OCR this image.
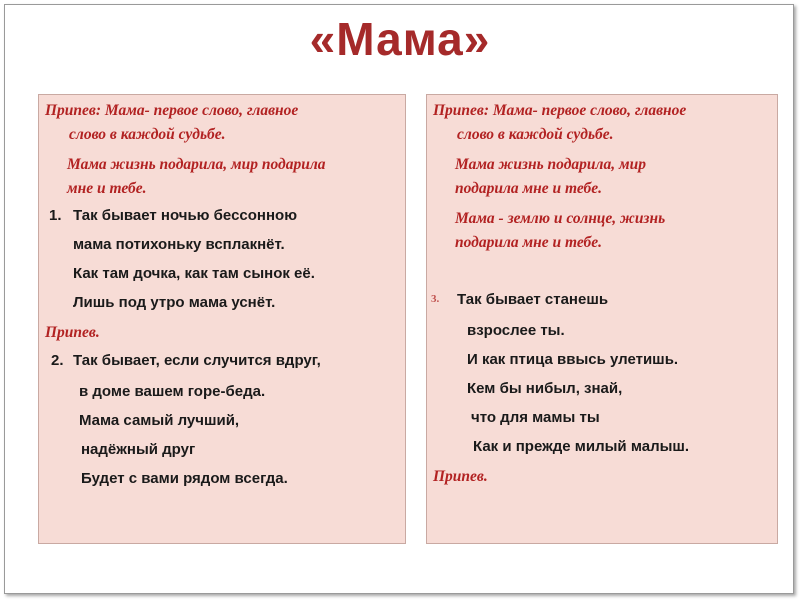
«Мама»
Припев: Мама- первое слово, главное
слово в каждой судьбе.
Мама жизнь подарила, мир подарила
мне и тебе.
1. Так бывает ночью бессонною
мама потихоньку всплакнёт.
Как там дочка, как там сынок её.
Лишь под утро мама уснёт.
Припев.
2. Так бывает, если случится вдруг,
в доме вашем горе-беда.
Мама самый лучший,
надёжный друг
Будет с вами рядом всегда.
Припев: Мама- первое слово, главное
слово в каждой судьбе.
Мама жизнь подарила, мир
подарила мне и тебе.
Мама - землю и солнце, жизнь
подарила мне и тебе.
3. Так бывает станешь
взрослее ты.
И как птица ввысь улетишь.
Кем бы нибыл, знай,
что для мамы ты
Как и прежде милый малыш.
Припев.
